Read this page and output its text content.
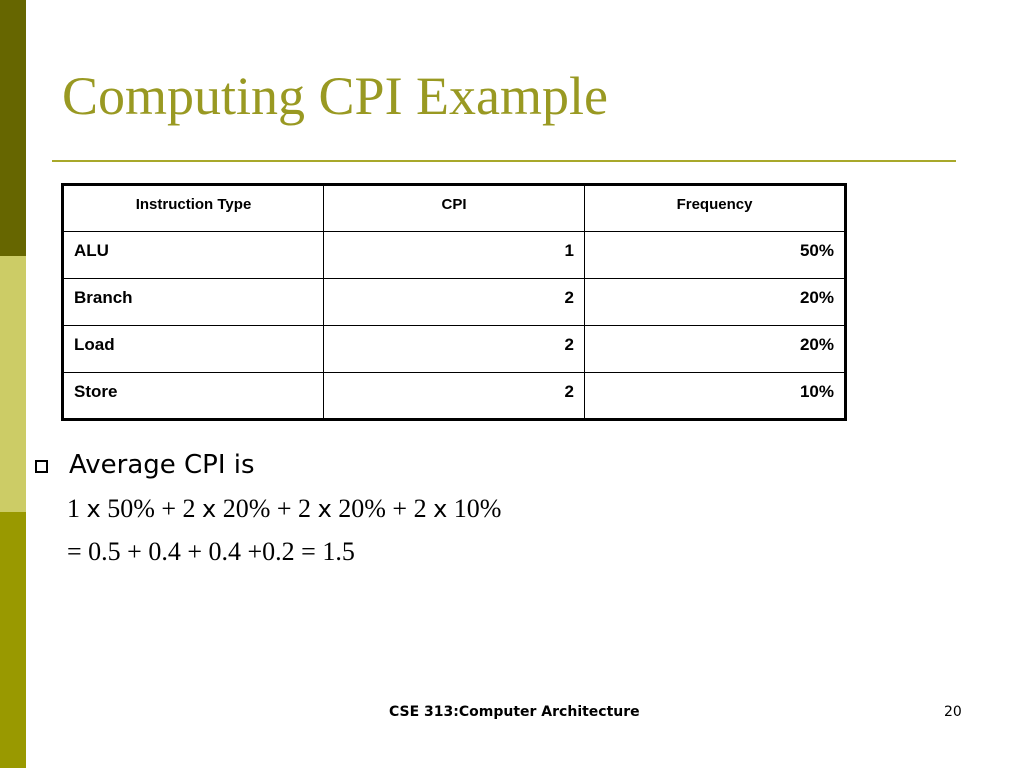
Computing CPI Example
Instruction Type	CPI	Frequency
ALU	1	50%
Branch	2	20%
Load	2	20%
Store	2	10%
Average CPI is
1 x 50% + 2 x 20% + 2 x 20% + 2 x 10%
= 0.5 + 0.4 + 0.4 +0.2 = 1.5
CSE 313:Computer Architecture	20
